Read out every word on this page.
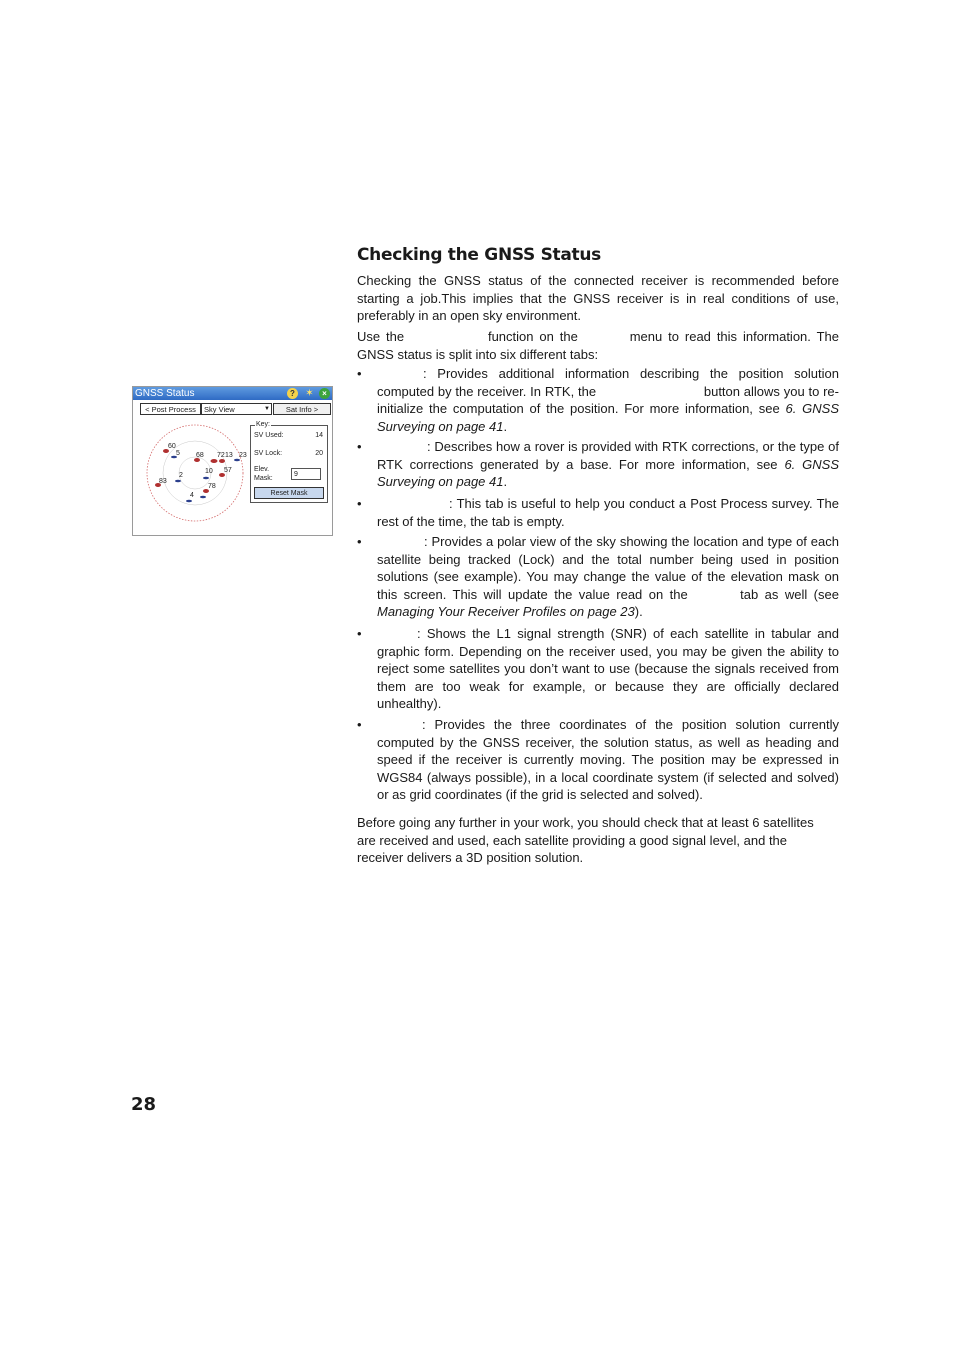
GNSS Status	?	✶	×
< Post Process	Sky View	▼	Sat Info >
60
5 68 72 13 23
2
10 57
83
78
4
Key:
SV Used:	14
SV Lock:	20
Elev.
Mask:
9
Reset Mask
Checking the GNSS Status

Checking the GNSS status of the connected receiver is recommended before starting a job.This implies that the GNSS receiver is in real conditions of use, preferably in an open sky environment.

Use the	function on the	menu to read this information. The GNSS status is split into six different tabs:
•	: Provides additional information describing the position solution computed by the receiver. In RTK, the	button allows you to re-initialize the computation of the position. For more information, see 6. GNSS Surveying on page 41.
•	: Describes how a rover is provided with RTK corrections, or the type of RTK corrections generated by a base. For more information, see 6. GNSS Surveying on page 41.
•	: This tab is useful to help you conduct a Post Process survey. The rest of the time, the tab is empty.
•	: Provides a polar view of the sky showing the location and type of each satellite being tracked (Lock) and the total number being used in position solutions (see example). You may change the value of the elevation mask on this screen. This will update the value read on the	tab as well (see Managing Your Receiver Profiles on page 23).
•	: Shows the L1 signal strength (SNR) of each satellite in tabular and graphic form. Depending on the receiver used, you may be given the ability to reject some satellites you don’t want to use (because the signals received from them are too weak for example, or because they are officially declared unhealthy).
•	: Provides the three coordinates of the position solution currently computed by the GNSS receiver, the solution status, as well as heading and speed if the receiver is currently moving. The position may be expressed in WGS84 (always possible), in a local coordinate system (if selected and solved) or as grid coordinates (if the grid is selected and solved).

Before going any further in your work, you should check that at least 6 satellites are received and used, each satellite providing a good signal level, and the receiver delivers a 3D position solution.

28
